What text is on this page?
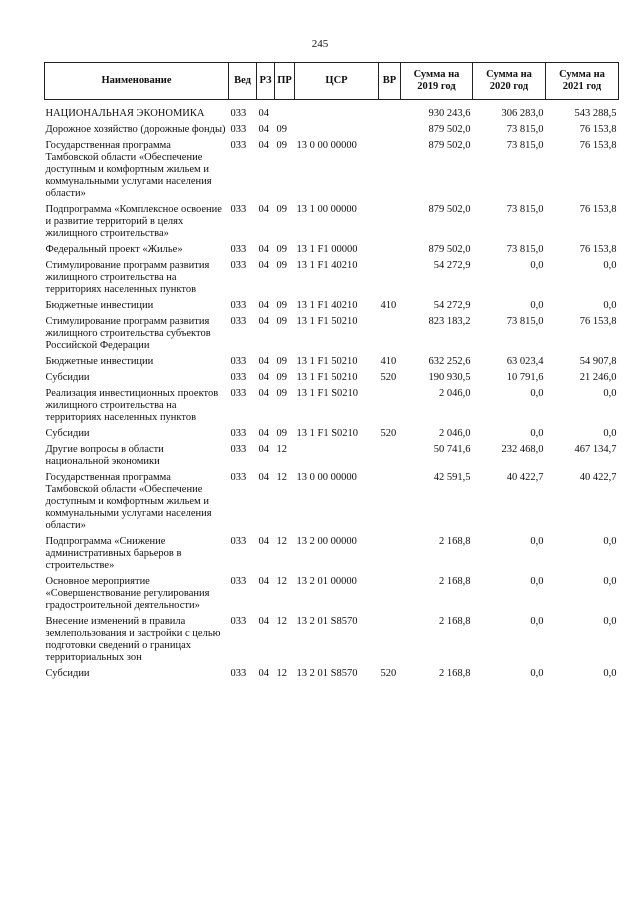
245
Наименование	Вед	РЗ	ПР	ЦСР	ВР	Сумма на 2019 год	Сумма на 2020 год	Сумма на 2021 год
НАЦИОНАЛЬНАЯ ЭКОНОМИКА	033	04				930 243,6	306 283,0	543 288,5
Дорожное хозяйство (дорожные фонды)	033	04	09			879 502,0	73 815,0	76 153,8
Государственная программа Тамбовской области «Обеспечение доступным и комфортным жильем и коммунальными услугами населения области»	033	04	09	13 0 00 00000		879 502,0	73 815,0	76 153,8
Подпрограмма «Комплексное освоение и развитие территорий в целях жилищного строительства»	033	04	09	13 1 00 00000		879 502,0	73 815,0	76 153,8
Федеральный проект «Жилье»	033	04	09	13 1 F1 00000		879 502,0	73 815,0	76 153,8
Стимулирование программ развития жилищного строительства на территориях населенных пунктов	033	04	09	13 1 F1 40210		54 272,9	0,0	0,0
Бюджетные инвестиции	033	04	09	13 1 F1 40210	410	54 272,9	0,0	0,0
Стимулирование программ развития жилищного строительства субъектов Российской Федерации	033	04	09	13 1 F1 50210		823 183,2	73 815,0	76 153,8
Бюджетные инвестиции	033	04	09	13 1 F1 50210	410	632 252,6	63 023,4	54 907,8
Субсидии	033	04	09	13 1 F1 50210	520	190 930,5	10 791,6	21 246,0
Реализация инвестиционных проектов жилищного строительства на территориях населенных пунктов	033	04	09	13 1 F1 S0210		2 046,0	0,0	0,0
Субсидии	033	04	09	13 1 F1 S0210	520	2 046,0	0,0	0,0
Другие вопросы в области национальной экономики	033	04	12			50 741,6	232 468,0	467 134,7
Государственная программа Тамбовской области «Обеспечение доступным и комфортным жильем и коммунальными услугами населения области»	033	04	12	13 0 00 00000		42 591,5	40 422,7	40 422,7
Подпрограмма «Снижение административных барьеров в строительстве»	033	04	12	13 2 00 00000		2 168,8	0,0	0,0
Основное мероприятие «Совершенствование регулирования градостроительной деятельности»	033	04	12	13 2 01 00000		2 168,8	0,0	0,0
Внесение изменений в правила землепользования и застройки с целью подготовки сведений о границах территориальных зон	033	04	12	13 2 01 S8570		2 168,8	0,0	0,0
Субсидии	033	04	12	13 2 01 S8570	520	2 168,8	0,0	0,0
